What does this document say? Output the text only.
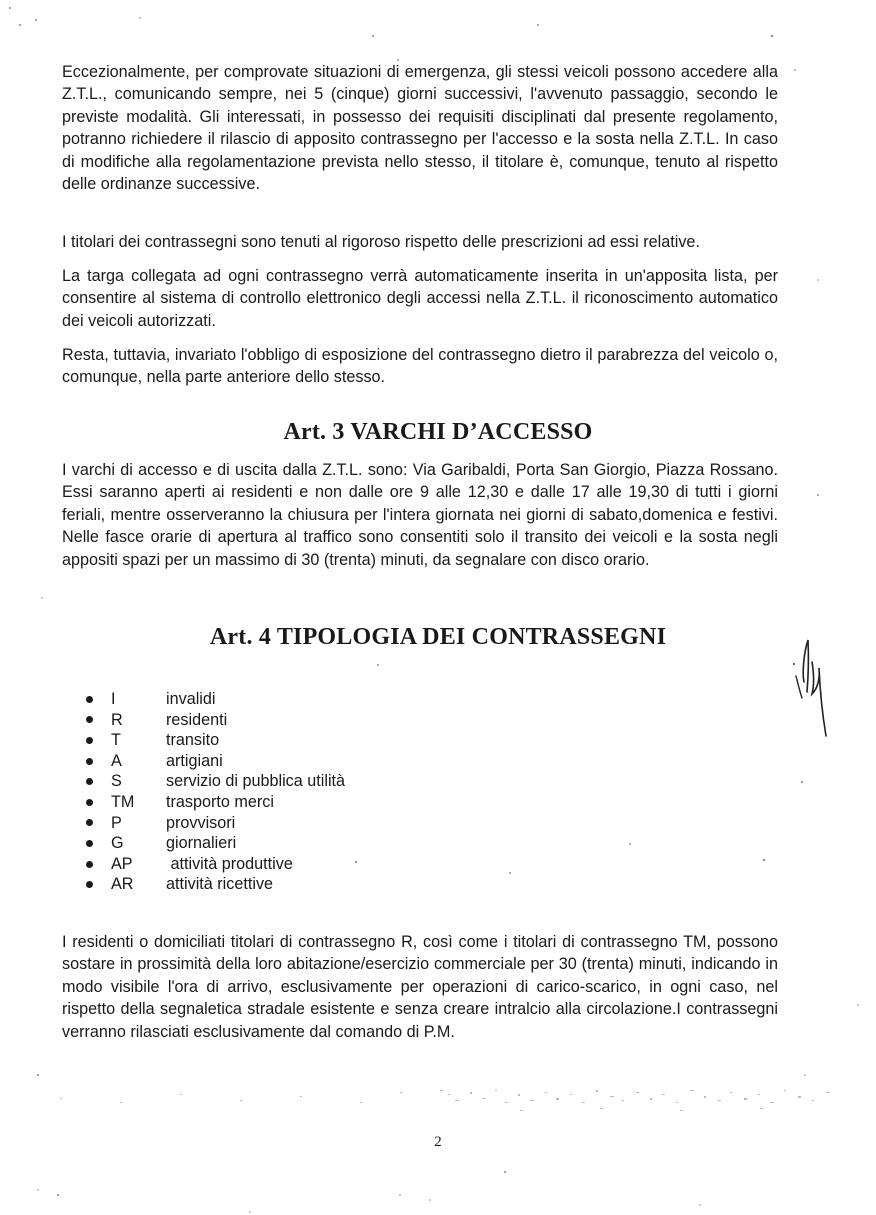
Eccezionalmente, per comprovate situazioni di emergenza, gli stessi veicoli possono accedere alla Z.T.L., comunicando sempre, nei 5 (cinque) giorni successivi, l'avvenuto passaggio, secondo le previste modalità. Gli interessati, in possesso dei requisiti disciplinati dal presente regolamento, potranno richiedere il rilascio di apposito contrassegno per l'accesso e la sosta nella Z.T.L. In caso di modifiche alla regolamentazione prevista nello stesso, il titolare è, comunque, tenuto al rispetto delle ordinanze successive.

I titolari dei contrassegni sono tenuti al rigoroso rispetto delle prescrizioni ad essi relative.

La targa collegata ad ogni contrassegno verrà automaticamente inserita in un'apposita lista, per consentire al sistema di controllo elettronico degli accessi nella Z.T.L. il riconoscimento automatico dei veicoli autorizzati.

Resta, tuttavia, invariato l'obbligo di esposizione del contrassegno dietro il parabrezza del veicolo o, comunque, nella parte anteriore dello stesso.

Art. 3 VARCHI D’ACCESSO

I varchi di accesso e di uscita dalla Z.T.L. sono: Via Garibaldi, Porta San Giorgio, Piazza Rossano. Essi saranno aperti ai residenti e non dalle ore 9 alle 12,30 e dalle 17 alle 19,30 di tutti i giorni feriali, mentre osserveranno la chiusura per l'intera giornata nei giorni di sabato,domenica e festivi. Nelle fasce orarie di apertura al traffico sono consentiti solo il transito dei veicoli e la sosta negli appositi spazi per un massimo di 30 (trenta) minuti, da segnalare con disco orario.

Art. 4 TIPOLOGIA DEI CONTRASSEGNI
I	invalidi
R	residenti
T	transito
A	artigiani
S	servizio di pubblica utilità
TM	trasporto merci
P	provvisori
G	giornalieri
AP	attività produttive
AR	attività ricettive

I residenti o domiciliati titolari di contrassegno R, così come i titolari di contrassegno TM, possono sostare in prossimità della loro abitazione/esercizio commerciale per 30 (trenta) minuti, indicando in modo visibile l'ora di arrivo, esclusivamente per operazioni di carico-scarico, in ogni caso, nel rispetto della segnaletica stradale esistente e senza creare intralcio alla circolazione.I contrassegni verranno rilasciati esclusivamente dal comando di P.M.

2
